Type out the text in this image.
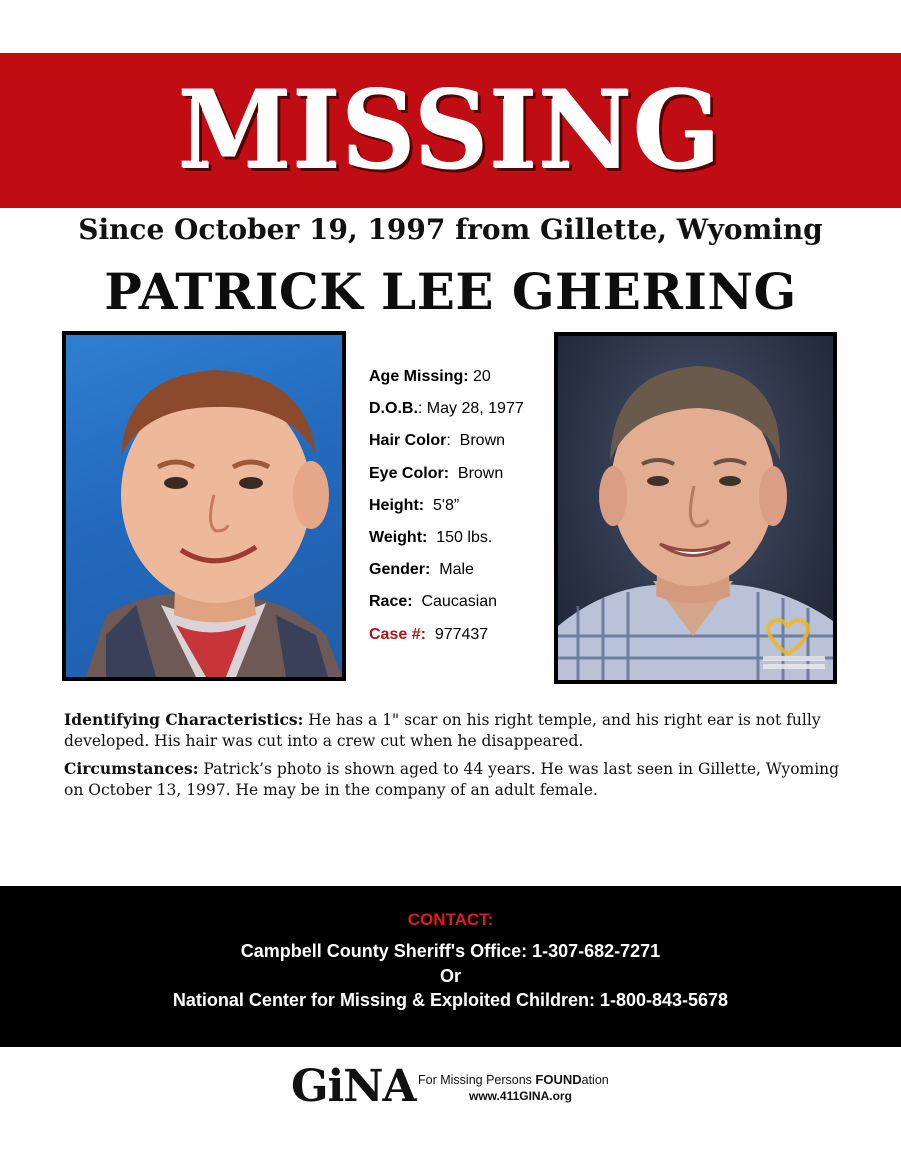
MISSING
Since October 19, 1997 from Gillette, Wyoming
PATRICK LEE GHERING
Age Missing: 20
D.O.B.: May 28, 1977
Hair Color:  Brown
Eye Color:  Brown
Height:  5'8”
Weight:  150 lbs.
Gender:  Male
Race:  Caucasian
Case #:  977437

Identifying Characteristics: He has a 1" scar on his right temple, and his right ear is not fully developed. His hair was cut into a crew cut when he disappeared.

Circumstances: Patrick’s photo is shown aged to 44 years. He was last seen in Gillette, Wyoming on October 13, 1997. He may be in the company of an adult female.

CONTACT:
Campbell County Sheriff's Office: 1-307-682-7271
Or
National Center for Missing & Exploited Children: 1-800-843-5678
GiNA For Missing Persons FOUNDation
www.411GINA.org
